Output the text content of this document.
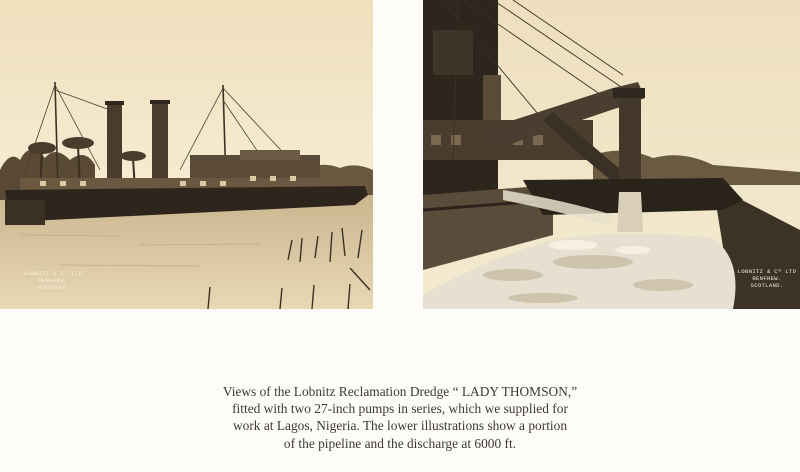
LOBNITZ & Cº LTD
RENFREW.
SCOTLAND.
LOBNITZ & Cº LTD
RENFREW.
SCOTLAND.
Views of the Lobnitz Reclamation Dredge “ LADY THOMSON,”
fitted with two 27-inch pumps in series, which we supplied for
work at Lagos, Nigeria. The lower illustrations show a portion
of the pipeline and the discharge at 6000 ft.
